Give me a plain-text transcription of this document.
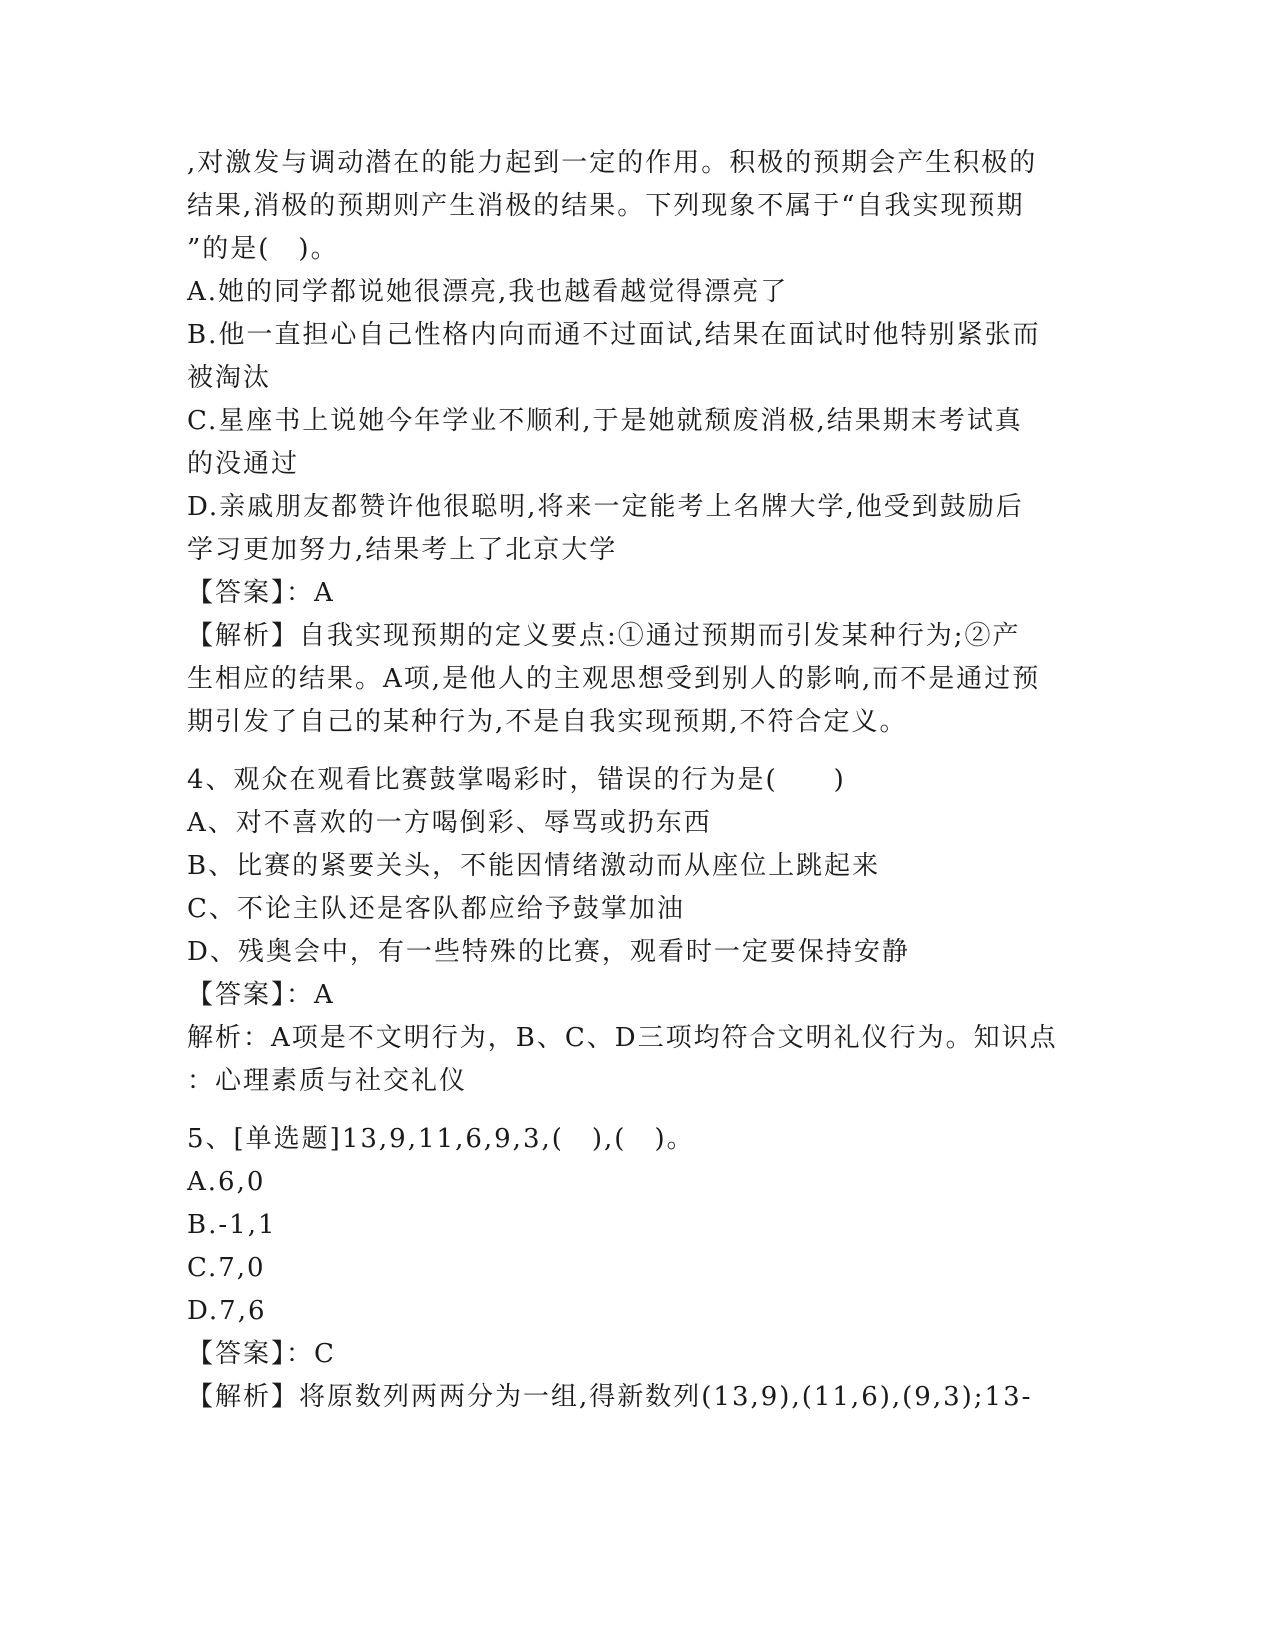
,对激发与调动潜在的能力起到一定的作用。积极的预期会产生积极的
结果,消极的预期则产生消极的结果。下列现象不属于“自我实现预期
”的是(　)。
A.她的同学都说她很漂亮,我也越看越觉得漂亮了
B.他一直担心自己性格内向而通不过面试,结果在面试时他特别紧张而
被淘汰
C.星座书上说她今年学业不顺利,于是她就颓废消极,结果期末考试真
的没通过
D.亲戚朋友都赞许他很聪明,将来一定能考上名牌大学,他受到鼓励后
学习更加努力,结果考上了北京大学
【答案】：A
【解析】自我实现预期的定义要点:①通过预期而引发某种行为;②产
生相应的结果。A项,是他人的主观思想受到别人的影响,而不是通过预
期引发了自己的某种行为,不是自我实现预期,不符合定义。
4、观众在观看比赛鼓掌喝彩时，错误的行为是(　　)
A、对不喜欢的一方喝倒彩、辱骂或扔东西
B、比赛的紧要关头，不能因情绪激动而从座位上跳起来
C、不论主队还是客队都应给予鼓掌加油
D、残奥会中，有一些特殊的比赛，观看时一定要保持安静
【答案】：A
解析：A项是不文明行为，B、C、D三项均符合文明礼仪行为。知识点
：心理素质与社交礼仪
5、[单选题]13,9,11,6,9,3,(　),(　)。
A.6,0
B.-1,1
C.7,0
D.7,6
【答案】：C
【解析】将原数列两两分为一组,得新数列(13,9),(11,6),(9,3);13-
